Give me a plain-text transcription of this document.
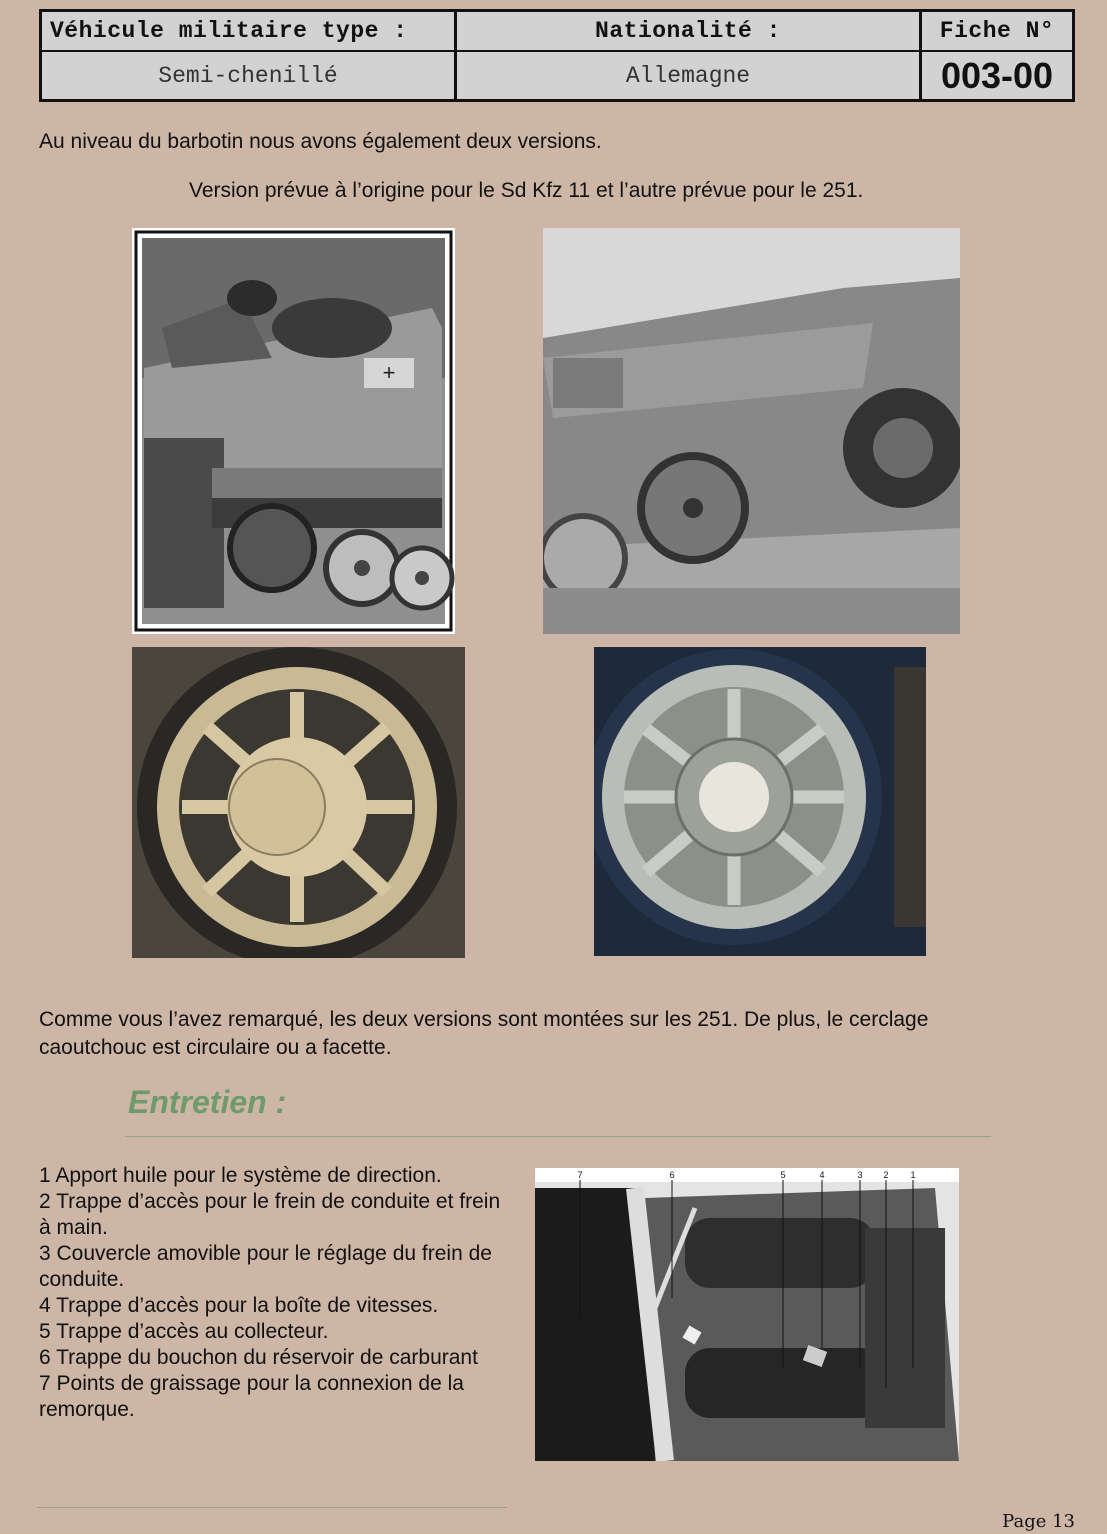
Véhicule militaire type :	Nationalité :	Fiche N°
Semi-chenillé	Allemagne	003-00
Au niveau du barbotin nous avons également deux versions.
Version prévue à l’origine pour le Sd Kfz 11 et l’autre prévue pour le 251.
+
Comme vous l’avez remarqué, les deux versions sont montées sur les 251. De plus, le cerclage caoutchouc est circulaire ou a facette.
Entretien :
1 Apport huile pour le système de direction.
2 Trappe d’accès pour le frein de conduite et frein à main.
3 Couvercle amovible pour le réglage du frein de conduite.
4 Trappe d’accès pour la boîte de vitesses.
5 Trappe d’accès au collecteur.
6 Trappe du bouchon du réservoir de carburant
7 Points de graissage pour la connexion de la remorque.
7	6	5	4	3 2 1
Page 13
